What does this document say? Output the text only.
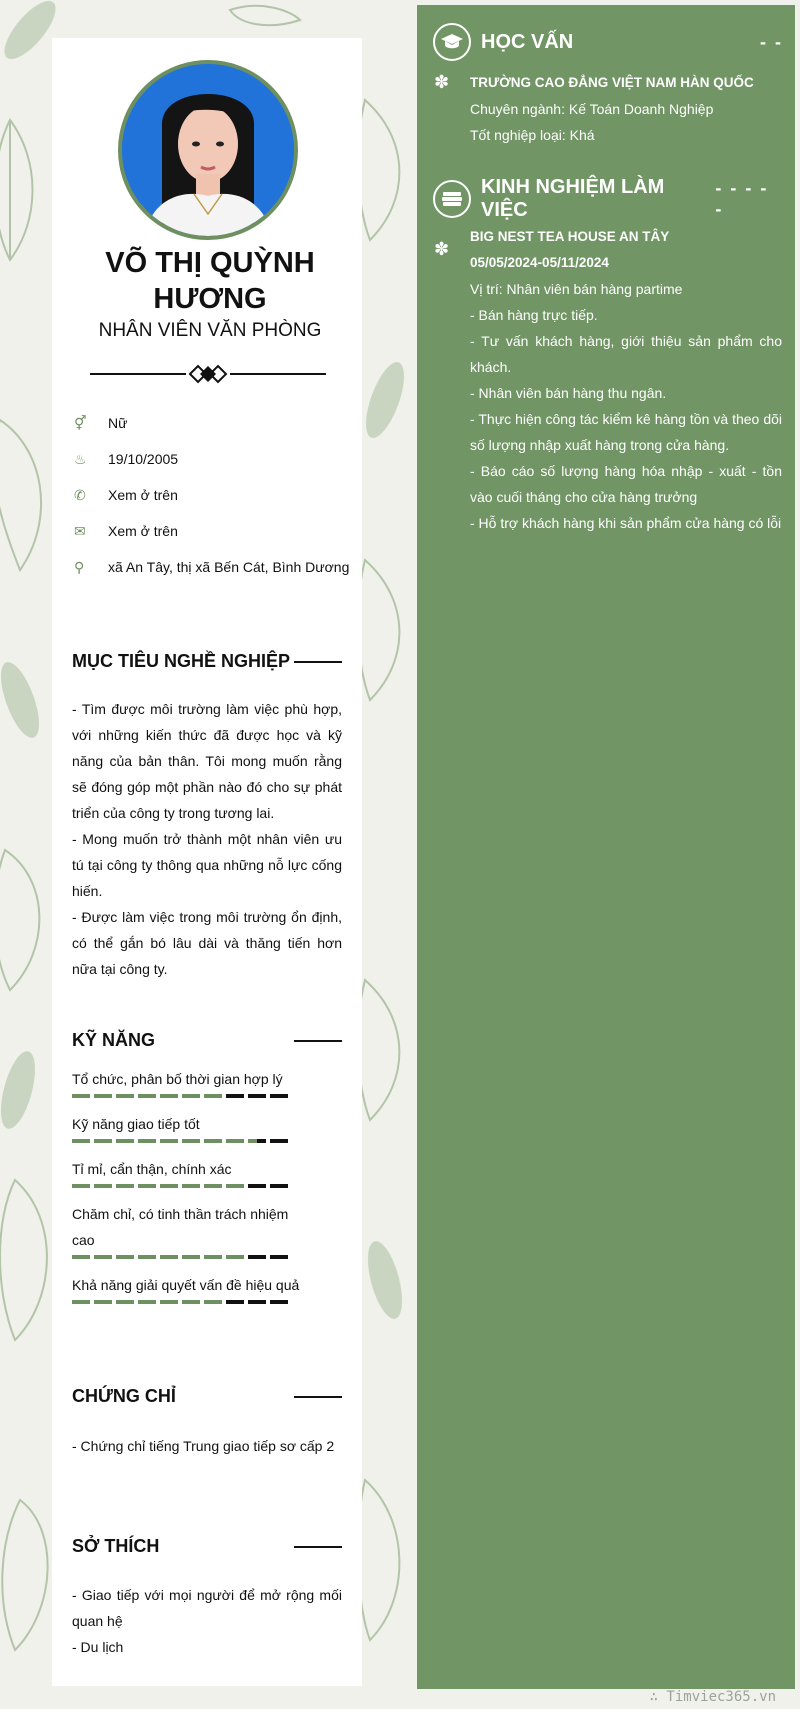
VÕ THỊ QUỲNH HƯƠNG
NHÂN VIÊN VĂN PHÒNG
⚥	Nữ
♨	19/10/2005
✆	Xem ở trên
✉	Xem ở trên
⚲	xã An Tây, thị xã Bến Cát, Bình Dương
MỤC TIÊU NGHỀ NGHIỆP

- Tìm được môi trường làm việc phù hợp, với những kiến thức đã được học và kỹ năng của bản thân. Tôi mong muốn rằng sẽ đóng góp một phần nào đó cho sự phát triển của công ty trong tương lai.

- Mong muốn trở thành một nhân viên ưu tú tại công ty thông qua những nỗ lực cống hiến.

- Được làm việc trong môi trường ổn định, có thể gắn bó lâu dài và thăng tiến hơn nữa tại công ty.

KỸ NĂNG
Tổ chức, phân bố thời gian hợp lý
Kỹ năng giao tiếp tốt
Tỉ mỉ, cẩn thận, chính xác
Chăm chỉ, có tinh thần trách nhiệm cao
Khả năng giải quyết vấn đề hiệu quả
CHỨNG CHỈ
- Chứng chỉ tiếng Trung giao tiếp sơ cấp 2
SỞ THÍCH

- Giao tiếp với mọi người để mở rộng mối quan hệ

- Du lịch

HỌC VẤN	- -
✽ TRƯỜNG CAO ĐẲNG VIỆT NAM HÀN QUỐC

Chuyên ngành: Kế Toán Doanh Nghiệp

Tốt nghiệp loại: Khá

KINH NGHIỆM LÀM VIỆC
- - - - -
✽

BIG NEST TEA HOUSE AN TÂY

05/05/2024-05/11/2024

Vị trí: Nhân viên bán hàng partime

- Bán hàng trực tiếp.

- Tư vấn khách hàng, giới thiệu sản phẩm cho khách.

- Nhân viên bán hàng thu ngân.

- Thực hiện công tác kiểm kê hàng tồn và theo dõi số lượng nhập xuất hàng trong cửa hàng.

- Báo cáo số lượng hàng hóa nhập - xuất - tồn vào cuối tháng cho cửa hàng trưởng

- Hỗ trợ khách hàng khi sản phẩm cửa hàng có lỗi

∴ Timviec365.vn
